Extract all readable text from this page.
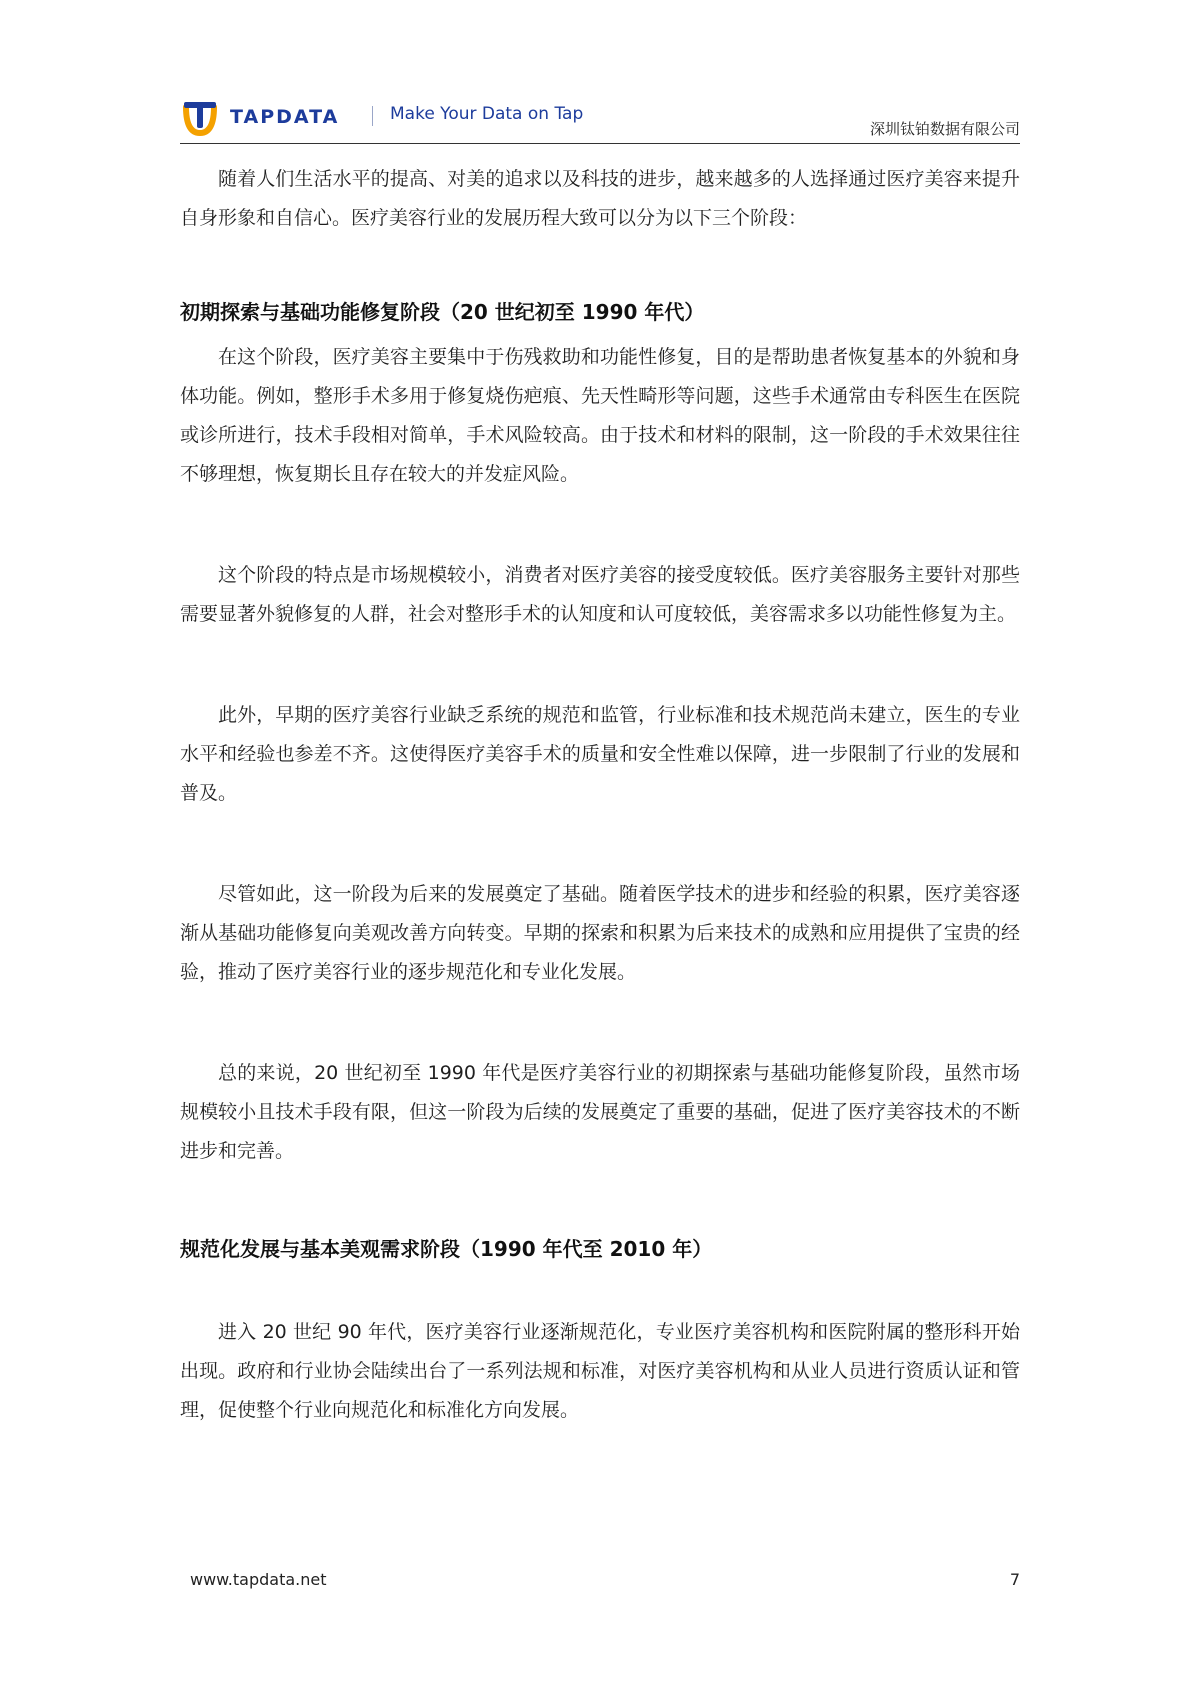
TAPDATA	Make Your Data on Tap
深圳钛铂数据有限公司

随着人们生活水平的提高、对美的追求以及科技的进步，越来越多的人选择通过医疗美容来提升自身形象和自信心。医疗美容行业的发展历程大致可以分为以下三个阶段：

初期探索与基础功能修复阶段（20 世纪初至 1990 年代）

在这个阶段，医疗美容主要集中于伤残救助和功能性修复，目的是帮助患者恢复基本的外貌和身体功能。例如，整形手术多用于修复烧伤疤痕、先天性畸形等问题，这些手术通常由专科医生在医院或诊所进行，技术手段相对简单，手术风险较高。由于技术和材料的限制，这一阶段的手术效果往往不够理想，恢复期长且存在较大的并发症风险。

这个阶段的特点是市场规模较小，消费者对医疗美容的接受度较低。医疗美容服务主要针对那些需要显著外貌修复的人群，社会对整形手术的认知度和认可度较低，美容需求多以功能性修复为主。

此外，早期的医疗美容行业缺乏系统的规范和监管，行业标准和技术规范尚未建立，医生的专业水平和经验也参差不齐。这使得医疗美容手术的质量和安全性难以保障，进一步限制了行业的发展和普及。

尽管如此，这一阶段为后来的发展奠定了基础。随着医学技术的进步和经验的积累，医疗美容逐渐从基础功能修复向美观改善方向转变。早期的探索和积累为后来技术的成熟和应用提供了宝贵的经验，推动了医疗美容行业的逐步规范化和专业化发展。

总的来说，20 世纪初至 1990 年代是医疗美容行业的初期探索与基础功能修复阶段，虽然市场规模较小且技术手段有限，但这一阶段为后续的发展奠定了重要的基础，促进了医疗美容技术的不断进步和完善。

规范化发展与基本美观需求阶段（1990 年代至 2010 年）

进入 20 世纪 90 年代，医疗美容行业逐渐规范化，专业医疗美容机构和医院附属的整形科开始出现。政府和行业协会陆续出台了一系列法规和标准，对医疗美容机构和从业人员进行资质认证和管理，促使整个行业向规范化和标准化方向发展。

www.tapdata.net	7
